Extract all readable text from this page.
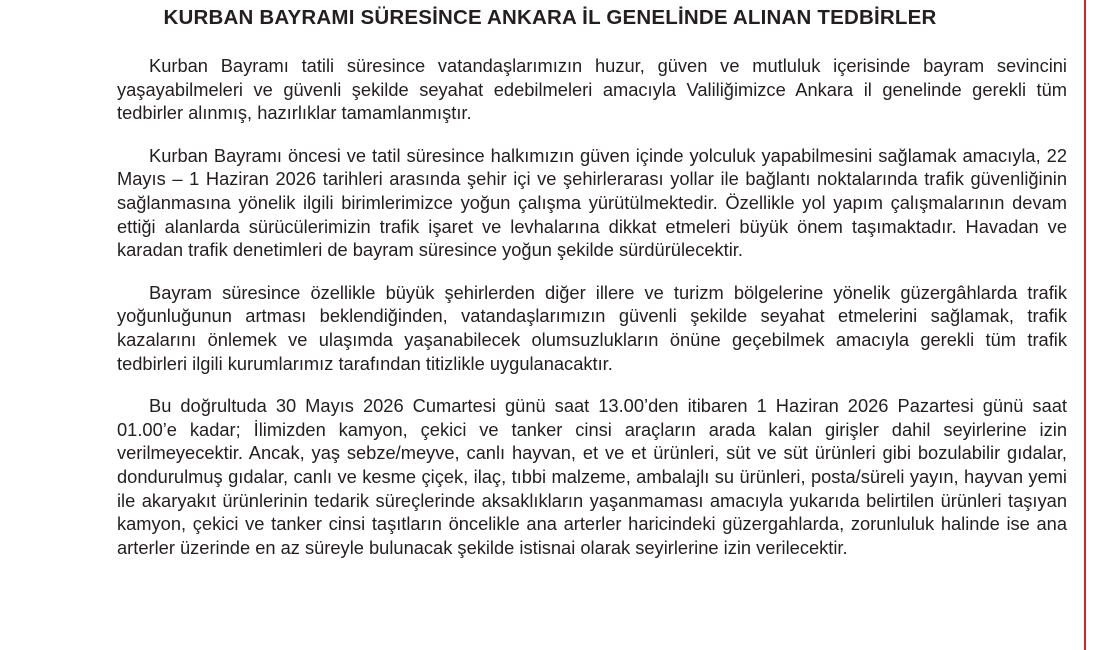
KURBAN BAYRAMI SÜRESİNCE ANKARA İL GENELİNDE ALINAN TEDBİRLER

Kurban Bayramı tatili süresince vatandaşlarımızın huzur, güven ve mutluluk içerisinde bayram sevincini yaşayabilmeleri ve güvenli şekilde seyahat edebilmeleri amacıyla Valiliğimizce Ankara il genelinde gerekli tüm tedbirler alınmış, hazırlıklar tamamlanmıştır.

Kurban Bayramı öncesi ve tatil süresince halkımızın güven içinde yolculuk yapabilmesini sağlamak amacıyla, 22 Mayıs – 1 Haziran 2026 tarihleri arasında şehir içi ve şehirlerarası yollar ile bağlantı noktalarında trafik güvenliğinin sağlanmasına yönelik ilgili birimlerimizce yoğun çalışma yürütülmektedir. Özellikle yol yapım çalışmalarının devam ettiği alanlarda sürücülerimizin trafik işaret ve levhalarına dikkat etmeleri büyük önem taşımaktadır. Havadan ve karadan trafik denetimleri de bayram süresince yoğun şekilde sürdürülecektir.

Bayram süresince özellikle büyük şehirlerden diğer illere ve turizm bölgelerine yönelik güzergâhlarda trafik yoğunluğunun artması beklendiğinden, vatandaşlarımızın güvenli şekilde seyahat etmelerini sağlamak, trafik kazalarını önlemek ve ulaşımda yaşanabilecek olumsuzlukların önüne geçebilmek amacıyla gerekli tüm trafik tedbirleri ilgili kurumlarımız tarafından titizlikle uygulanacaktır.

Bu doğrultuda 30 Mayıs 2026 Cumartesi günü saat 13.00’den itibaren 1 Haziran 2026 Pazartesi günü saat 01.00’e kadar; İlimizden kamyon, çekici ve tanker cinsi araçların arada kalan girişler dahil seyirlerine izin verilmeyecektir. Ancak, yaş sebze/meyve, canlı hayvan, et ve et ürünleri, süt ve süt ürünleri gibi bozulabilir gıdalar, dondurulmuş gıdalar, canlı ve kesme çiçek, ilaç, tıbbi malzeme, ambalajlı su ürünleri, posta/süreli yayın, hayvan yemi ile akaryakıt ürünlerinin tedarik süreçlerinde aksaklıkların yaşanmaması amacıyla yukarıda belirtilen ürünleri taşıyan kamyon, çekici ve tanker cinsi taşıtların öncelikle ana arterler haricindeki güzergahlarda, zorunluluk halinde ise ana arterler üzerinde en az süreyle bulunacak şekilde istisnai olarak seyirlerine izin verilecektir.
